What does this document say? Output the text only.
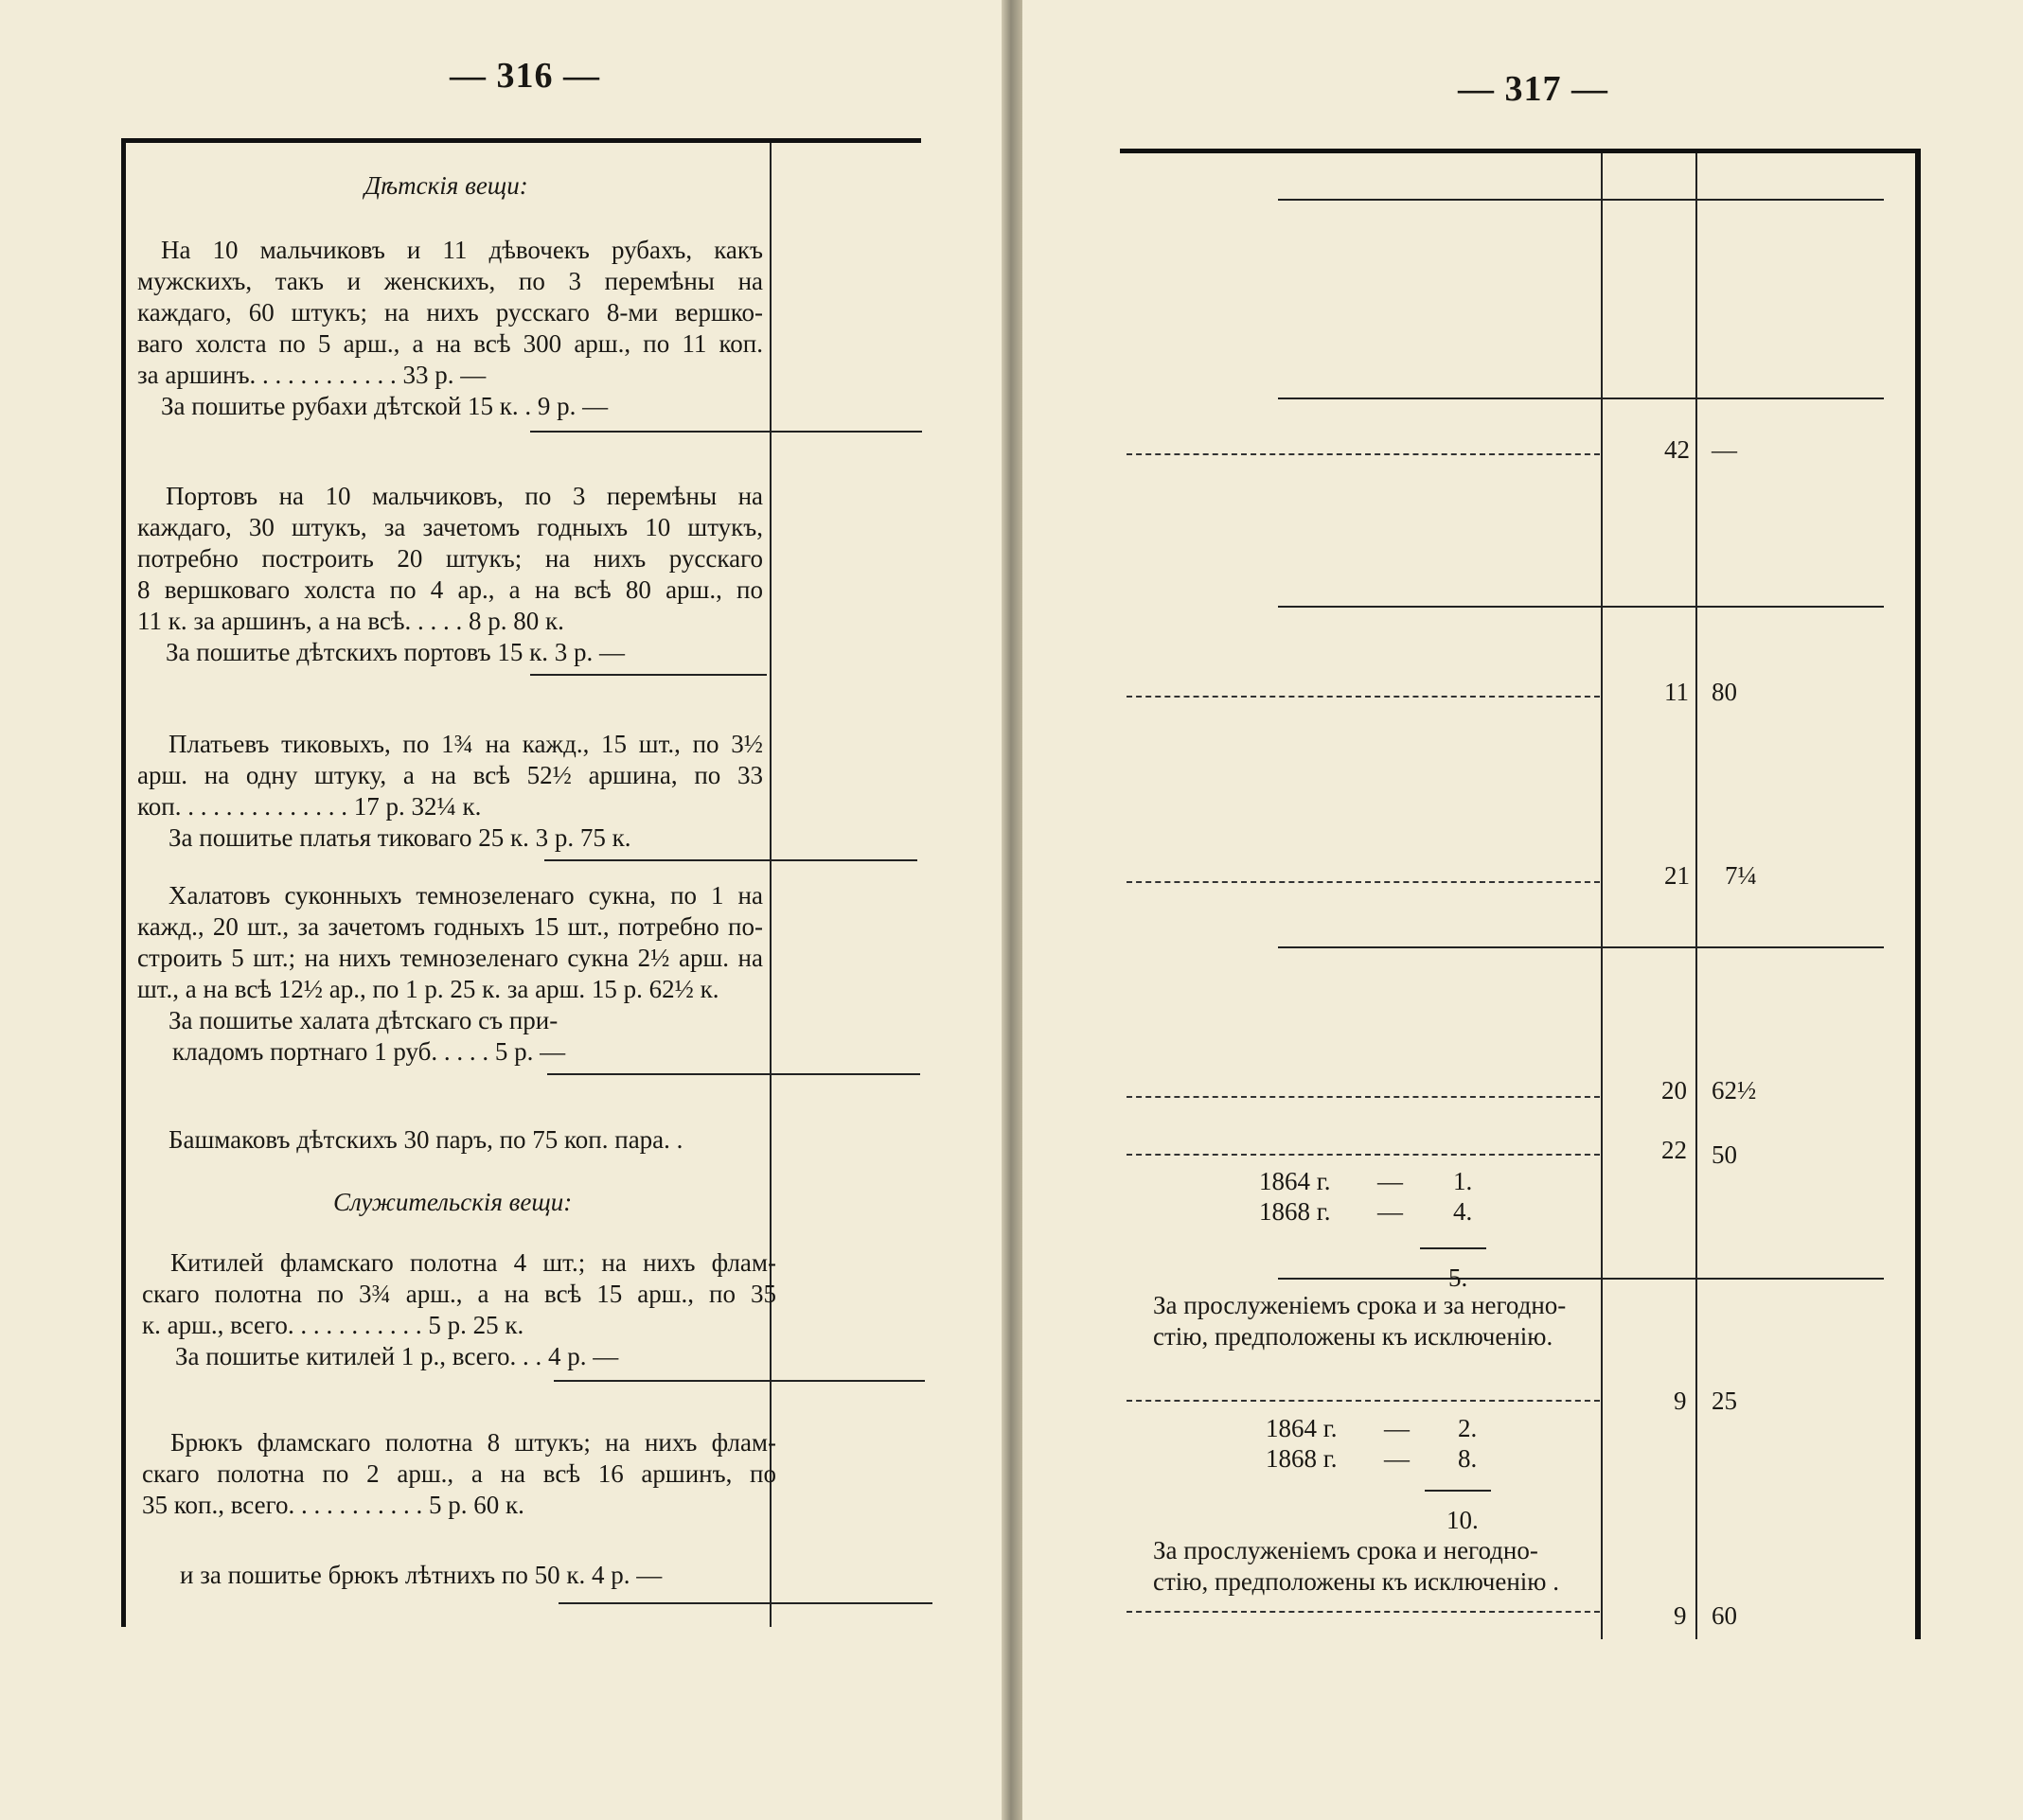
— 316 —
Дѣтскія вещи:
На 10 мальчиковъ и 11 дѣвочекъ рубахъ, какъ
мужскихъ, такъ и женскихъ, по 3 перемѣны на
каждаго, 60 штукъ; на нихъ русскаго 8-ми вершко-
ваго холста по 5 арш., а на всѣ 300 арш., по 11 коп.
за аршинъ. . . . . . . . . . . . 33 р. —
За пошитье рубахи дѣтской 15 к. . 9 р. —
Портовъ на 10 мальчиковъ, по 3 перемѣны на
каждаго, 30 штукъ, за зачетомъ годныхъ 10 штукъ,
потребно построить 20 штукъ; на нихъ русскаго
8 вершковаго холста по 4 ар., а на всѣ 80 арш., по
11 к. за аршинъ, а на всѣ. . . . . 8 р. 80 к.
За пошитье дѣтскихъ портовъ 15 к. 3 р. —
Платьевъ тиковыхъ, по 1¾ на кажд., 15 шт., по 3½
арш. на одну штуку, а на всѣ 52½ аршина, по 33
коп. . . . . . . . . . . . . . 17 р. 32¼ к.
За пошитье платья тиковаго 25 к. 3 р. 75 к.
Халатовъ суконныхъ темнозеленаго сукна, по 1 на
кажд., 20 шт., за зачетомъ годныхъ 15 шт., потребно по-
строить 5 шт.; на нихъ темнозеленаго сукна 2½ арш. на
шт., а на всѣ 12½ ар., по 1 р. 25 к. за арш. 15 р. 62½ к.
За пошитье халата дѣтскаго съ при-
кладомъ портнаго 1 руб. . . . . 5 р. —
Башмаковъ дѣтскихъ 30 паръ, по 75 коп. пара. .
Служительскія вещи:
Китилей фламскаго полотна 4 шт.; на нихъ флам-
скаго полотна по 3¾ арш., а на всѣ 15 арш., по 35
к. арш., всего. . . . . . . . . . . 5 р. 25 к.
За пошитье китилей 1 р., всего. . . 4 р. —
Брюкъ фламскаго полотна 8 штукъ; на нихъ флам-
скаго полотна по 2 арш., а на всѣ 16 аршинъ, по
35 коп., всего. . . . . . . . . . . 5 р. 60 к.
и за пошитье брюкъ лѣтнихъ по 50 к. 4 р. —
— 317 —
42 —
11 80
21 7¼
20 62½
22 50
1864 г. — 1.
1868 г. — 4.
5.
За прослуженіемъ срока и за негодно-
стію, предположены къ исключенію.
9 25
1864 г. — 2.
1868 г. — 8.
10.
За прослуженіемъ срока и негодно-
стію, предположены къ исключенію .
9 60
